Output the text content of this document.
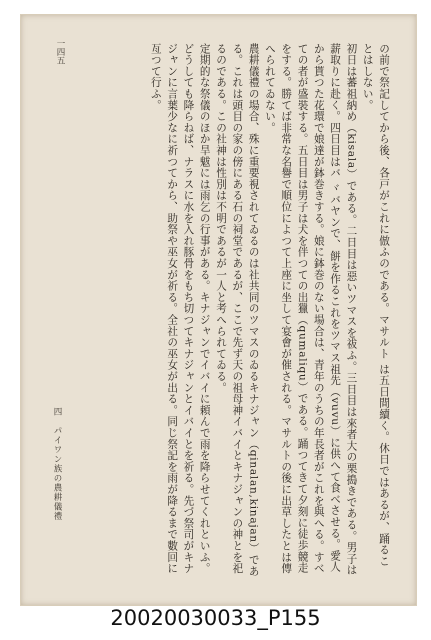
の前で祭記してから後、各戸がこれに倣ふのである。マサルト は五日間續く。休日ではあるが、踊ることはしない。

初日は蕃祖納め（kisala）である。二日目は惡いツマスを祓ふ。三日目は來者大の栗搗きである。男子は薪取りに赴く。四日目はバ ヾバヤンで、餅を作るこれをツマス祖先（vuvu）に供へて食べさせる。愛人から貰つた花環で娘達が鉢巻きする。娘に鉢巻のない場合は、青年のうちの年長者がこれを與へる。すべての者が盛裝する。五日目は男子は犬を伴つての出獵（qumaliqu）である。踊つてきて夕刻に徒歩競走をする。勝てば非常な名譽で順位によつて上座に坐して宴會が催される。マサルトの後に出草したとは傳へられてゐない。

農耕儀禮の場合、殊に重要視されてゐるのは社共同のツマスのゐるキナジャン（qinalan,kinajan）である。これは頭目の家の傍にある石の祠堂であるが、ここで先ず天の祖母神イバイとキナジャンの神とを祀るのである。この社神は性別は不明であるが一人と考へられてゐる。

定期的な祭儀のほか旱魃には雨乞の行事がある。キナジャンでイバイに頼んで雨を降らせてくれといふ。どうしても降らねば、ナラスに水を入れ豚骨をもち切つてキナジャンとイバイとを祈る。先づ祭司がキナジャンに言葉少なに祈つてから、助祭や巫女が祈る。全社の巫女が出る。同じ祭記を雨が降るまで數回に亙つて行ふ。

四　パイワン族の農耕儀禮
一四五
20020030033_P155
